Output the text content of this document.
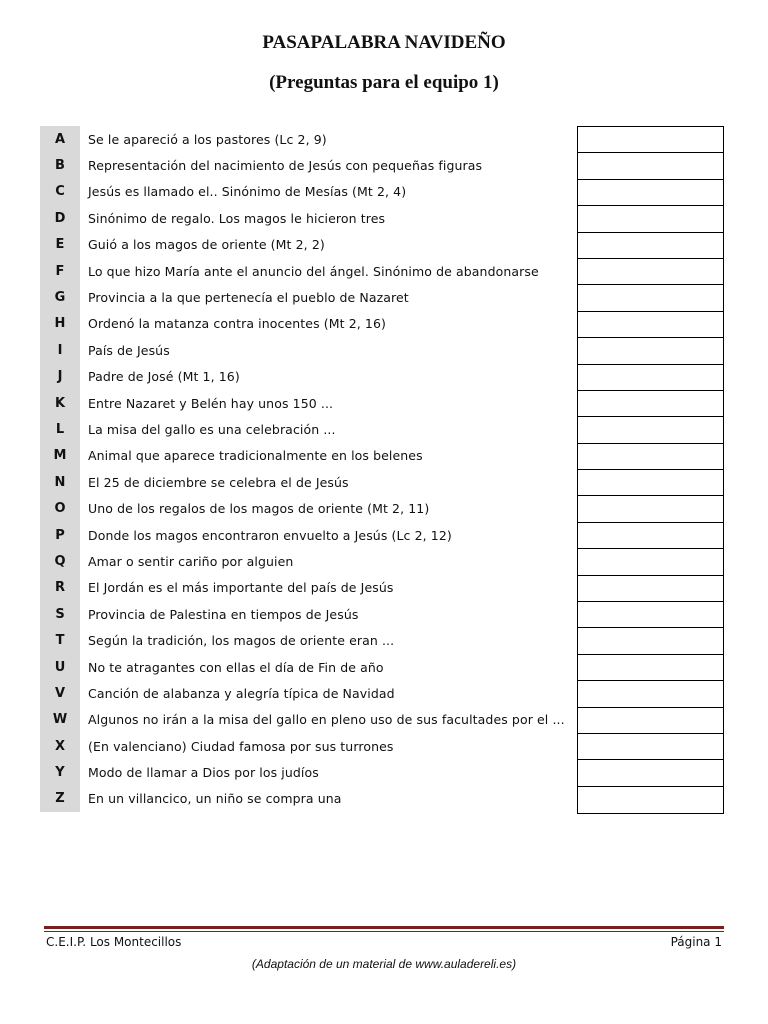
PASAPALABRA NAVIDEÑO
(Preguntas para el equipo 1)
A	Se le apareció a los pastores (Lc 2, 9)
B	Representación del nacimiento de Jesús con pequeñas figuras
C	Jesús es llamado el.. Sinónimo de Mesías (Mt 2, 4)
D	Sinónimo de regalo. Los magos le hicieron tres
E	Guió a los magos de oriente (Mt 2, 2)
F	Lo que hizo María ante el anuncio del ángel. Sinónimo de abandonarse
G	Provincia a la que pertenecía el pueblo de Nazaret
H	Ordenó la matanza contra inocentes (Mt 2, 16)
I	País de Jesús
J	Padre de José (Mt 1, 16)
K	Entre Nazaret y Belén hay unos 150 ...
L	La misa del gallo es una celebración ...
M	Animal que aparece tradicionalmente en los belenes
N	El 25 de diciembre se celebra el de Jesús
O	Uno de los regalos de los magos de oriente (Mt 2, 11)
P	Donde los magos encontraron envuelto a Jesús (Lc 2, 12)
Q	Amar o sentir cariño por alguien
R	El Jordán es el más importante del país de Jesús
S	Provincia de Palestina en tiempos de Jesús
T	Según la tradición, los magos de oriente eran ...
U	No te atragantes con ellas el día de Fin de año
V	Canción de alabanza y alegría típica de Navidad
W	Algunos no irán a la misa del gallo en pleno uso de sus facultades por el ...
X	(En valenciano) Ciudad famosa por sus turrones
Y	Modo de llamar a Dios por los judíos
Z	En un villancico, un niño se compra una
C.E.I.P. Los Montecillos	Página 1
(Adaptación de un material de www.auladereli.es)
